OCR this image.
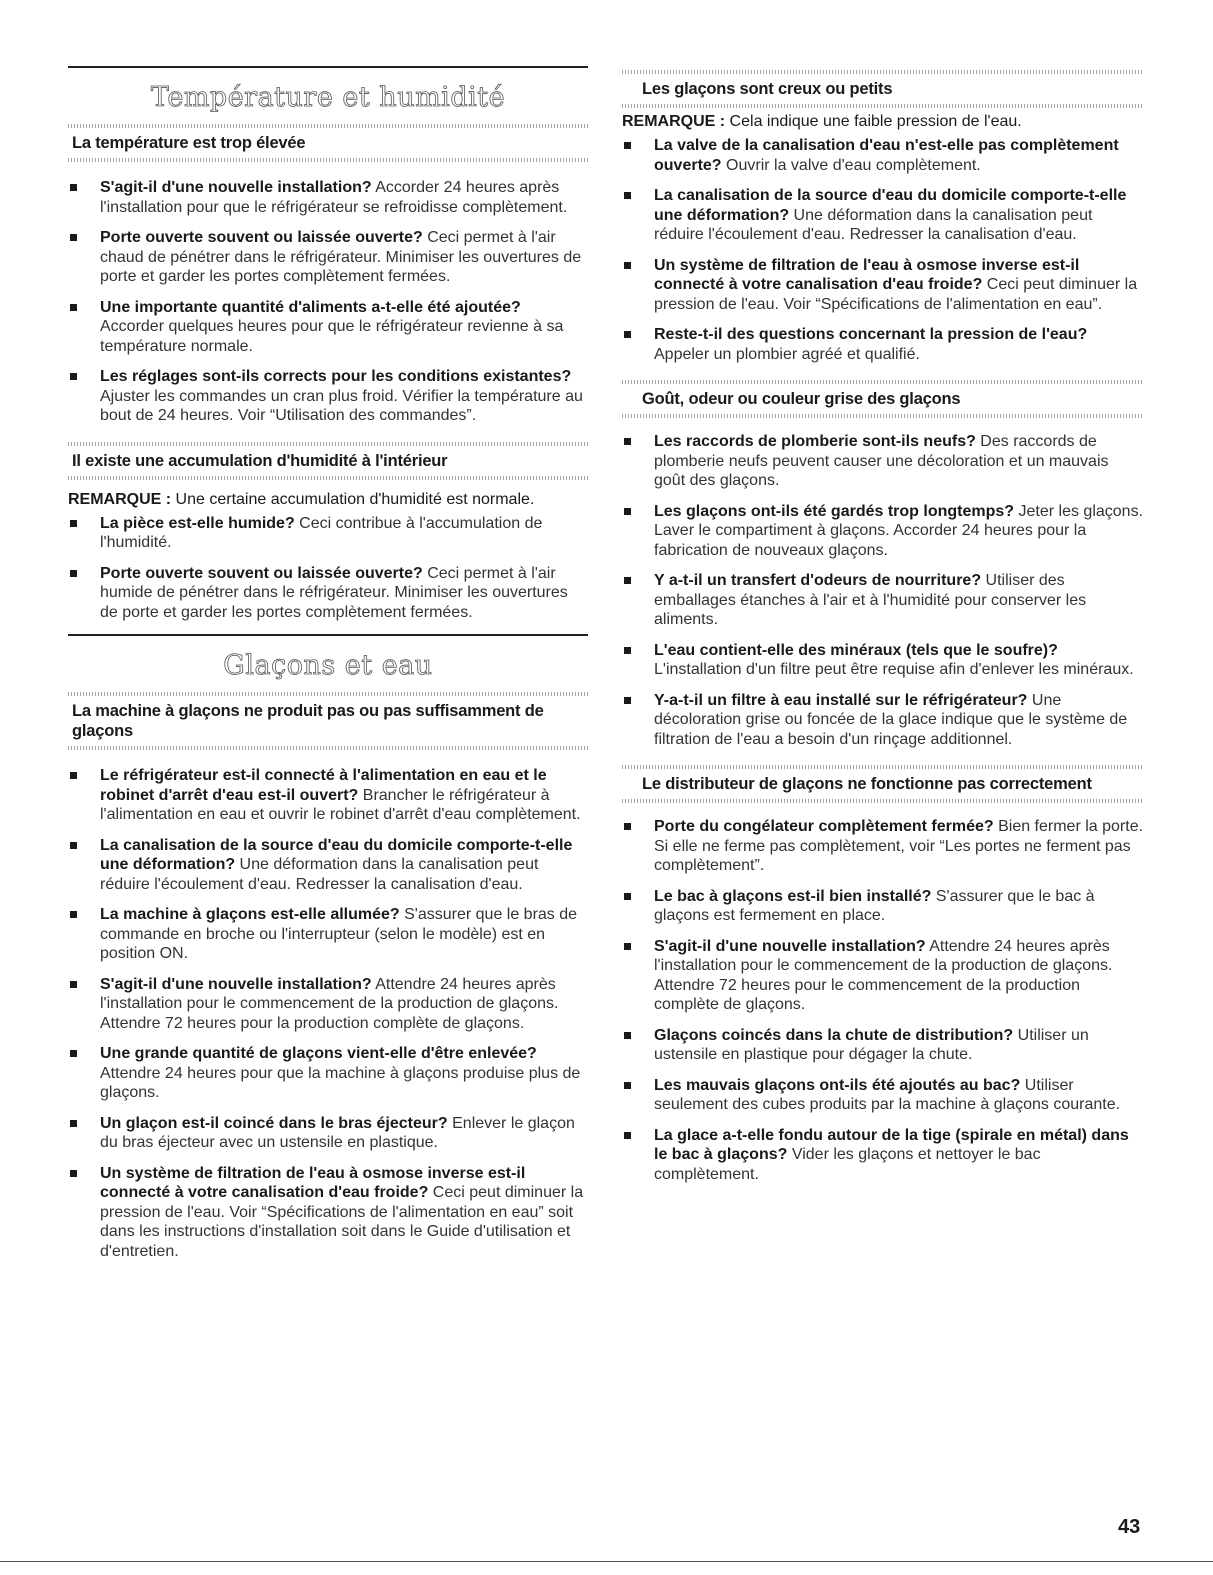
Température et humidité
La température est trop élevée
S'agit-il d'une nouvelle installation? Accorder 24 heures après l'installation pour que le réfrigérateur se refroidisse complètement.
Porte ouverte souvent ou laissée ouverte? Ceci permet à l'air chaud de pénétrer dans le réfrigérateur. Minimiser les ouvertures de porte et garder les portes complètement fermées.
Une importante quantité d'aliments a-t-elle été ajoutée? Accorder quelques heures pour que le réfrigérateur revienne à sa température normale.
Les réglages sont-ils corrects pour les conditions existantes? Ajuster les commandes un cran plus froid. Vérifier la température au bout de 24 heures. Voir “Utilisation des commandes”.
Il existe une accumulation d'humidité à l'intérieur
REMARQUE : Une certaine accumulation d'humidité est normale.
La pièce est-elle humide? Ceci contribue à l'accumulation de l'humidité.
Porte ouverte souvent ou laissée ouverte? Ceci permet à l'air humide de pénétrer dans le réfrigérateur. Minimiser les ouvertures de porte et garder les portes complètement fermées.
Glaçons et eau
La machine à glaçons ne produit pas ou pas suffisamment de glaçons
Le réfrigérateur est-il connecté à l'alimentation en eau et le robinet d'arrêt d'eau est-il ouvert? Brancher le réfrigérateur à l'alimentation en eau et ouvrir le robinet d'arrêt d'eau complètement.
La canalisation de la source d'eau du domicile comporte-t-elle une déformation? Une déformation dans la canalisation peut réduire l'écoulement d'eau. Redresser la canalisation d'eau.
La machine à glaçons est-elle allumée? S'assurer que le bras de commande en broche ou l'interrupteur (selon le modèle) est en position ON.
S'agit-il d'une nouvelle installation? Attendre 24 heures après l'installation pour le commencement de la production de glaçons. Attendre 72 heures pour la production complète de glaçons.
Une grande quantité de glaçons vient-elle d'être enlevée? Attendre 24 heures pour que la machine à glaçons produise plus de glaçons.
Un glaçon est-il coincé dans le bras éjecteur? Enlever le glaçon du bras éjecteur avec un ustensile en plastique.
Un système de filtration de l'eau à osmose inverse est-il connecté à votre canalisation d'eau froide? Ceci peut diminuer la pression de l'eau. Voir “Spécifications de l'alimentation en eau” soit dans les instructions d'installation soit dans le Guide d'utilisation et d'entretien.
Les glaçons sont creux ou petits
REMARQUE : Cela indique une faible pression de l'eau.
La valve de la canalisation d'eau n'est-elle pas complètement ouverte? Ouvrir la valve d'eau complètement.
La canalisation de la source d'eau du domicile comporte-t-elle une déformation? Une déformation dans la canalisation peut réduire l'écoulement d'eau. Redresser la canalisation d'eau.
Un système de filtration de l'eau à osmose inverse est-il connecté à votre canalisation d'eau froide? Ceci peut diminuer la pression de l'eau. Voir “Spécifications de l'alimentation en eau”.
Reste-t-il des questions concernant la pression de l'eau? Appeler un plombier agréé et qualifié.
Goût, odeur ou couleur grise des glaçons
Les raccords de plomberie sont-ils neufs? Des raccords de plomberie neufs peuvent causer une décoloration et un mauvais goût des glaçons.
Les glaçons ont-ils été gardés trop longtemps? Jeter les glaçons. Laver le compartiment à glaçons. Accorder 24 heures pour la fabrication de nouveaux glaçons.
Y a-t-il un transfert d'odeurs de nourriture? Utiliser des emballages étanches à l'air et à l'humidité pour conserver les aliments.
L'eau contient-elle des minéraux (tels que le soufre)? L'installation d'un filtre peut être requise afin d'enlever les minéraux.
Y-a-t-il un filtre à eau installé sur le réfrigérateur? Une décoloration grise ou foncée de la glace indique que le système de filtration de l'eau a besoin d'un rinçage additionnel.
Le distributeur de glaçons ne fonctionne pas correctement
Porte du congélateur complètement fermée? Bien fermer la porte. Si elle ne ferme pas complètement, voir “Les portes ne ferment pas complètement”.
Le bac à glaçons est-il bien installé? S'assurer que le bac à glaçons est fermement en place.
S'agit-il d'une nouvelle installation? Attendre 24 heures après l'installation pour le commencement de la production de glaçons. Attendre 72 heures pour le commencement de la production complète de glaçons.
Glaçons coincés dans la chute de distribution? Utiliser un ustensile en plastique pour dégager la chute.
Les mauvais glaçons ont-ils été ajoutés au bac? Utiliser seulement des cubes produits par la machine à glaçons courante.
La glace a-t-elle fondu autour de la tige (spirale en métal) dans le bac à glaçons? Vider les glaçons et nettoyer le bac complètement.
43
